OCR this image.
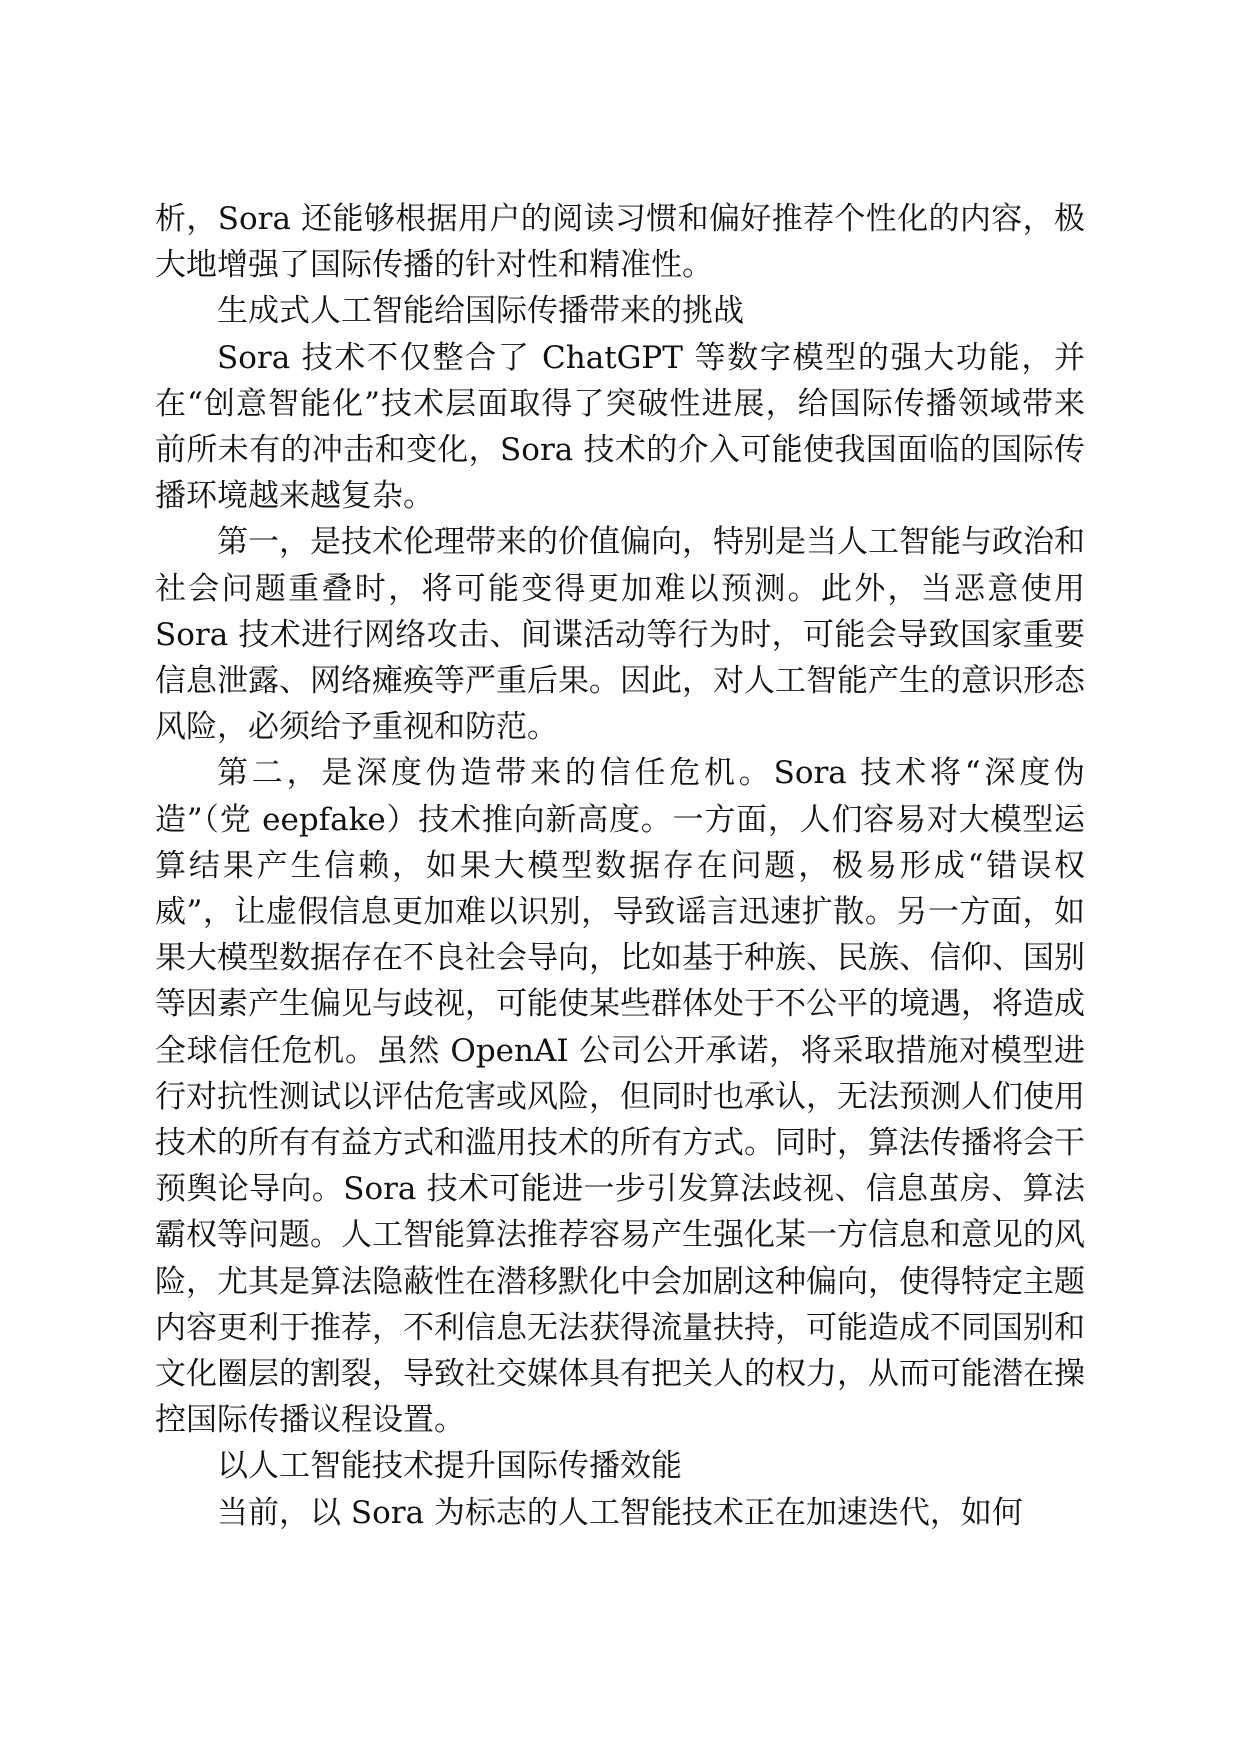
析，Sora 还能够根据用户的阅读习惯和偏好推荐个性化的内容，极大地增强了国际传播的针对性和精准性。

生成式人工智能给国际传播带来的挑战

Sora 技术不仅整合了 ChatGPT 等数字模型的强大功能，并在“创意智能化”技术层面取得了突破性进展，给国际传播领域带来前所未有的冲击和变化，Sora 技术的介入可能使我国面临的国际传播环境越来越复杂。

第一，是技术伦理带来的价值偏向，特别是当人工智能与政治和社会问题重叠时，将可能变得更加难以预测。此外，当恶意使用 Sora 技术进行网络攻击、间谍活动等行为时，可能会导致国家重要信息泄露、网络瘫痪等严重后果。因此，对人工智能产生的意识形态风险，必须给予重视和防范。

第二，是深度伪造带来的信任危机。Sora 技术将“深度伪造”（党 eepfake）技术推向新高度。一方面，人们容易对大模型运算结果产生信赖，如果大模型数据存在问题，极易形成“错误权威”，让虚假信息更加难以识别，导致谣言迅速扩散。另一方面，如果大模型数据存在不良社会导向，比如基于种族、民族、信仰、国别等因素产生偏见与歧视，可能使某些群体处于不公平的境遇，将造成全球信任危机。虽然 OpenAI 公司公开承诺，将采取措施对模型进行对抗性测试以评估危害或风险，但同时也承认，无法预测人们使用技术的所有有益方式和滥用技术的所有方式。同时，算法传播将会干预舆论导向。Sora 技术可能进一步引发算法歧视、信息茧房、算法霸权等问题。人工智能算法推荐容易产生强化某一方信息和意见的风险，尤其是算法隐蔽性在潜移默化中会加剧这种偏向，使得特定主题内容更利于推荐，不利信息无法获得流量扶持，可能造成不同国别和文化圈层的割裂，导致社交媒体具有把关人的权力，从而可能潜在操控国际传播议程设置。

以人工智能技术提升国际传播效能

当前，以 Sora 为标志的人工智能技术正在加速迭代，如何
